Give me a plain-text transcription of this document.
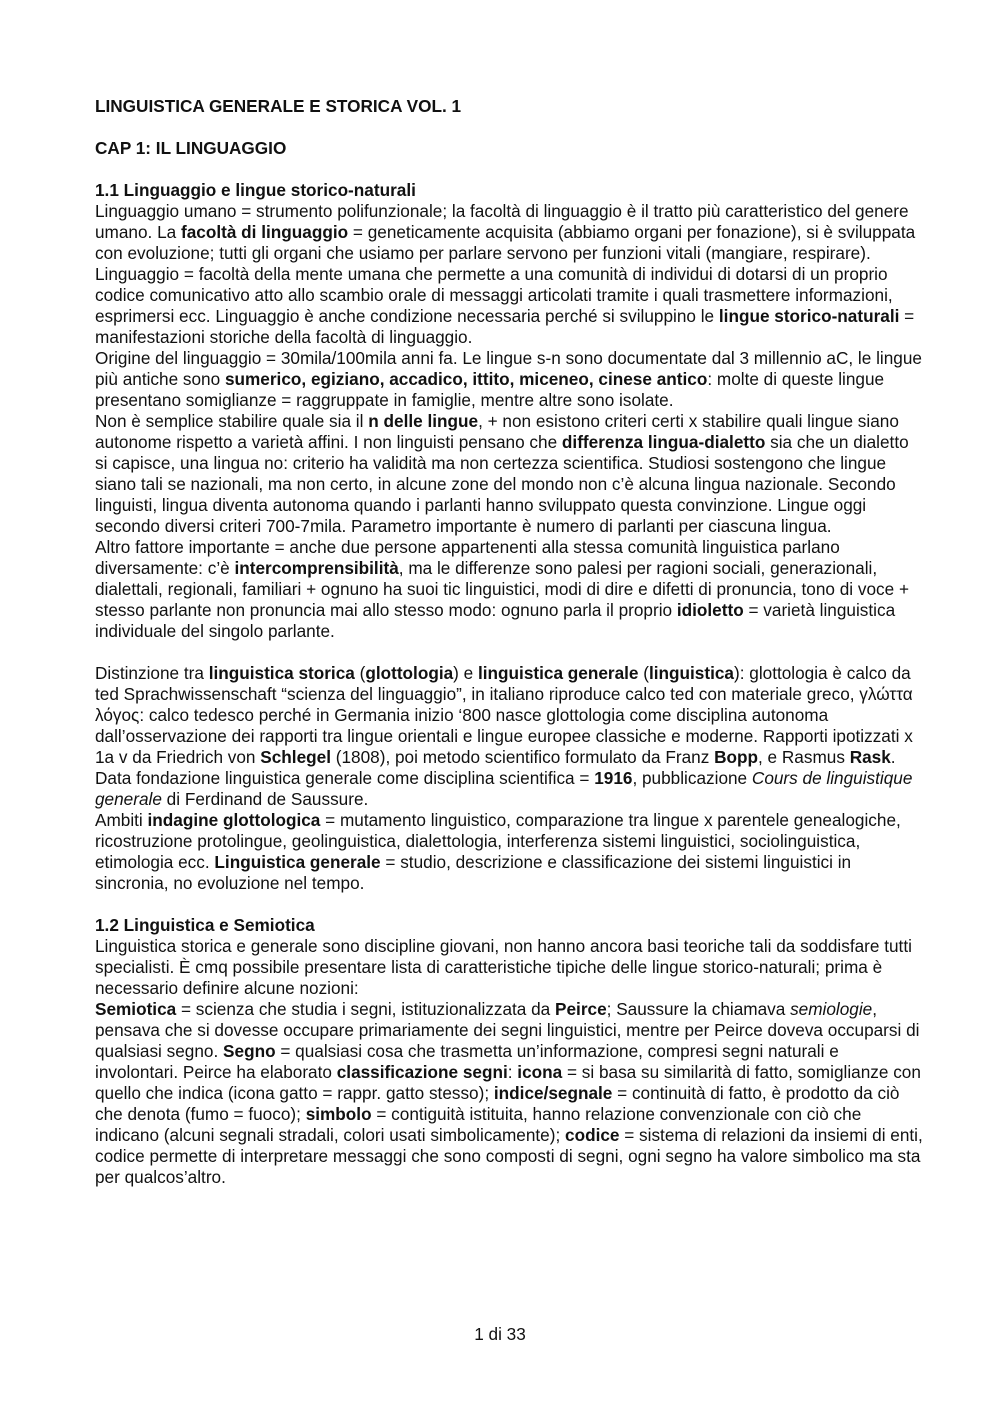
LINGUISTICA GENERALE E STORICA VOL. 1
CAP 1: IL LINGUAGGIO
1.1 Linguaggio e lingue storico-naturali

Linguaggio umano = strumento polifunzionale; la facoltà di linguaggio è il tratto più caratteristico del genere umano. La facoltà di linguaggio = geneticamente acquisita (abbiamo organi per fonazione), si è sviluppata con evoluzione; tutti gli organi che usiamo per parlare servono per funzioni vitali (mangiare, respirare).

Linguaggio = facoltà della mente umana che permette a una comunità di individui di dotarsi di un proprio codice comunicativo atto allo scambio orale di messaggi articolati tramite i quali trasmettere informazioni, esprimersi ecc. Linguaggio è anche condizione necessaria perché si sviluppino le lingue storico-naturali = manifestazioni storiche della facoltà di linguaggio.

Origine del linguaggio = 30mila/100mila anni fa. Le lingue s-n sono documentate dal 3 millennio aC, le lingue più antiche sono sumerico, egiziano, accadico, ittito, miceneo, cinese antico: molte di queste lingue presentano somiglianze = raggruppate in famiglie, mentre altre sono isolate.

Non è semplice stabilire quale sia il n delle lingue, + non esistono criteri certi x stabilire quali lingue siano autonome rispetto a varietà affini. I non linguisti pensano che differenza lingua-dialetto sia che un dialetto si capisce, una lingua no: criterio ha validità ma non certezza scientifica. Studiosi sostengono che lingue siano tali se nazionali, ma non certo, in alcune zone del mondo non c’è alcuna lingua nazionale. Secondo linguisti, lingua diventa autonoma quando i parlanti hanno sviluppato questa convinzione. Lingue oggi secondo diversi criteri 700-7mila. Parametro importante è numero di parlanti per ciascuna lingua.

Altro fattore importante = anche due persone appartenenti alla stessa comunità linguistica parlano diversamente: c’è intercomprensibilità, ma le differenze sono palesi per ragioni sociali, generazionali, dialettali, regionali, familiari + ognuno ha suoi tic linguistici, modi di dire e difetti di pronuncia, tono di voce + stesso parlante non pronuncia mai allo stesso modo: ognuno parla il proprio idioletto = varietà linguistica individuale del singolo parlante.

Distinzione tra linguistica storica (glottologia) e linguistica generale (linguistica): glottologia è calco da ted Sprachwissenschaft “scienza del linguaggio”, in italiano riproduce calco ted con materiale greco, γλώττα λόγος: calco tedesco perché in Germania inizio ‘800 nasce glottologia come disciplina autonoma dall’osservazione dei rapporti tra lingue orientali e lingue europee classiche e moderne. Rapporti ipotizzati x 1a v da Friedrich von Schlegel (1808), poi metodo scientifico formulato da Franz Bopp, e Rasmus Rask. Data fondazione linguistica generale come disciplina scientifica = 1916, pubblicazione Cours de linguistique generale di Ferdinand de Saussure.

Ambiti indagine glottologica = mutamento linguistico, comparazione tra lingue x parentele genealogiche, ricostruzione protolingue, geolinguistica, dialettologia, interferenza sistemi linguistici, sociolinguistica, etimologia ecc. Linguistica generale = studio, descrizione e classificazione dei sistemi linguistici in sincronia, no evoluzione nel tempo.

1.2 Linguistica e Semiotica

Linguistica storica e generale sono discipline giovani, non hanno ancora basi teoriche tali da soddisfare tutti specialisti. È cmq possibile presentare lista di caratteristiche tipiche delle lingue storico-naturali; prima è necessario definire alcune nozioni:

Semiotica = scienza che studia i segni, istituzionalizzata da Peirce; Saussure la chiamava semiologie, pensava che si dovesse occupare primariamente dei segni linguistici, mentre per Peirce doveva occuparsi di qualsiasi segno. Segno = qualsiasi cosa che trasmetta un’informazione, compresi segni naturali e involontari. Peirce ha elaborato classificazione segni: icona = si basa su similarità di fatto, somiglianze con quello che indica (icona gatto = rappr. gatto stesso); indice/segnale = continuità di fatto, è prodotto da ciò che denota (fumo = fuoco); simbolo = contiguità istituita, hanno relazione convenzionale con ciò che indicano (alcuni segnali stradali, colori usati simbolicamente); codice = sistema di relazioni da insiemi di enti, codice permette di interpretare messaggi che sono composti di segni, ogni segno ha valore simbolico ma sta per qualcos’altro.

1 di 33
